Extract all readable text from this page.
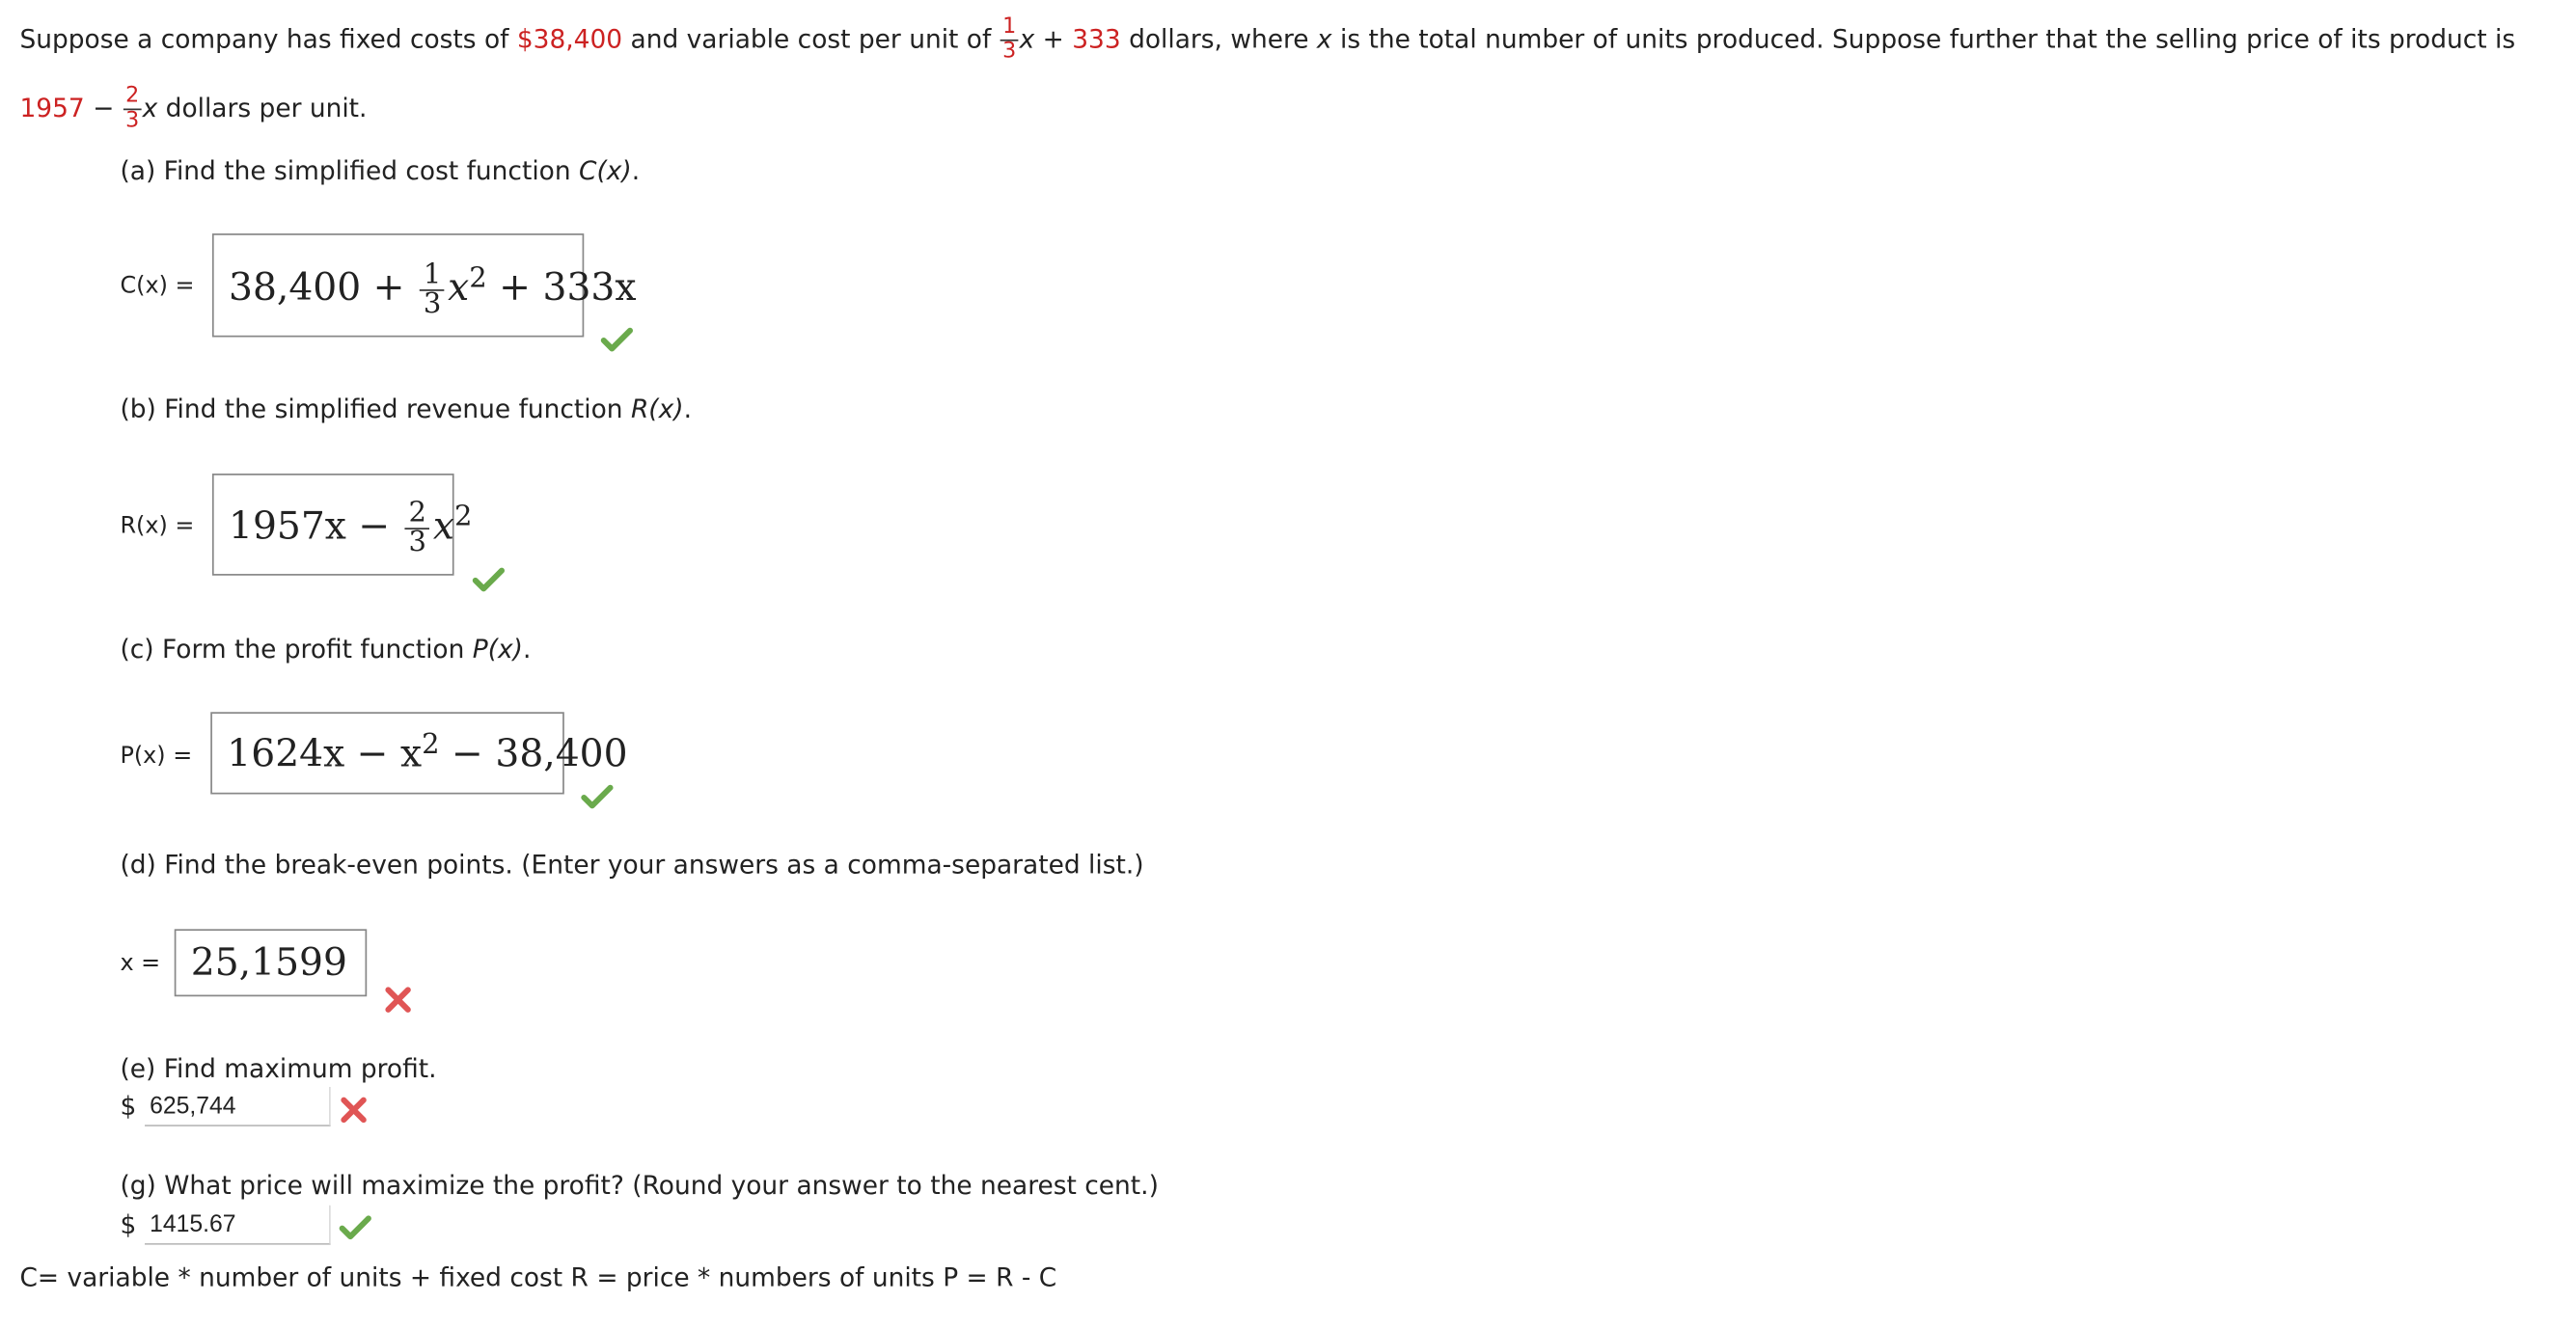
Suppose a company has fixed costs of $38,400 and variable cost per unit of $\frac{1}{3}$ x + 333 dollars, where x is the total number of units produced. Suppose further that the selling price of its product is
$1957 - \frac{2}{3}$ x dollars per unit.
(a) Find the simplified cost function C(x).
$C(x) = 38,400 + \frac{1}{3} x^2 + 333x$
(b) Find the simplified revenue function R(x).
$R(x) = 1957x - \frac{2}{3} x^2$
(c) Form the profit function P(x).
$P(x) = 1624x - x^2 - 38,400$
(d) Find the break-even points. (Enter your answers as a comma-separated list.)
x = 25,1599
(e) Find maximum profit.
$
625,744
(g) What price will maximize the profit? (Round your answer to the nearest cent.)
$
1415.67
C= variable * number of units + fixed cost R = price * numbers of units P = R - C
